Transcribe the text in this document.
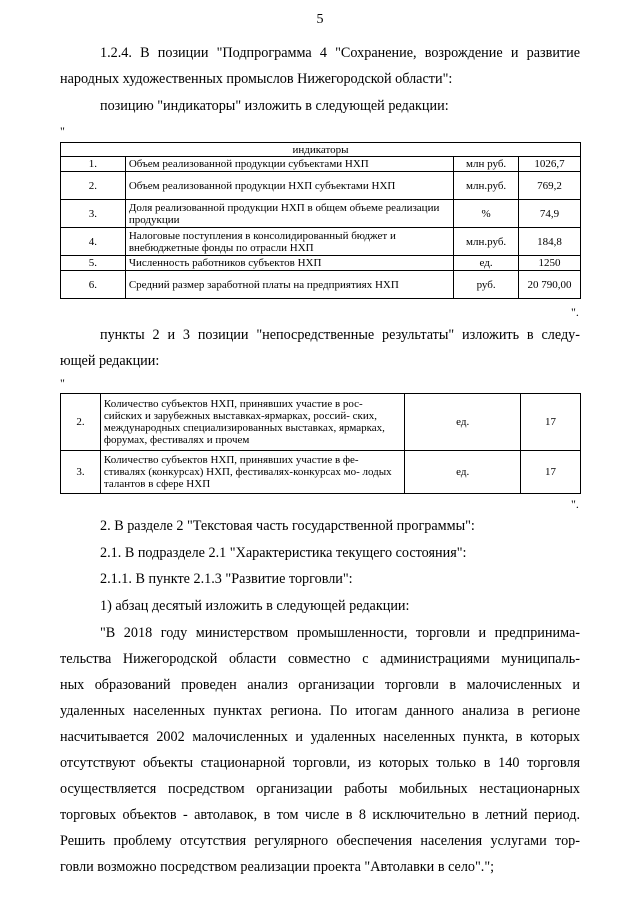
5

1.2.4. В позиции "Подпрограмма 4 "Сохранение, возрождение и развитие

народных художественных промыслов Нижегородской области":

позицию "индикаторы" изложить в следующей редакции:

"
индикаторы			
1.	Объем реализованной продукции субъектами НХП	млн руб.	1026,7
2.	Объем реализованной продукции НХП субъектами НХП	млн.руб.	769,2
3.	Доля реализованной продукции НХП в общем объеме реализации продукции	%	74,9
4.	Налоговые поступления в консолидированный бюджет и внебюджетные фонды по отрасли НХП	млн.руб.	184,8
5.	Численность работников субъектов НХП	ед.	1250
6.	Средний размер заработной платы на предприятиях НХП	руб.	20 790,00
".

пункты 2 и 3 позиции "непосредственные результаты" изложить в следу-

ющей редакции:

"
2.	Количество субъектов НХП, принявших участие в рос- сийских и зарубежных выставках-ярмарках, россий- ских, международных специализированных выставках, ярмарках, форумах, фестивалях и прочем	ед.	17
3.	Количество субъектов НХП, принявших участие в фе- стивалях (конкурсах) НХП, фестивалях-конкурсах мо- лодых талантов в сфере НХП	ед.	17
".

2. В разделе 2 "Текстовая часть государственной программы":

2.1. В подразделе 2.1 "Характеристика текущего состояния":

2.1.1. В пункте 2.1.3 "Развитие торговли":

1) абзац десятый изложить в следующей редакции:

"В 2018 году министерством промышленности, торговли и предпринима-

тельства Нижегородской области совместно с администрациями муниципаль-

ных образований проведен анализ организации торговли в малочисленных и

удаленных населенных пунктах региона. По итогам данного анализа в регионе

насчитывается 2002 малочисленных и удаленных населенных пункта, в которых

отсутствуют объекты стационарной торговли, из которых только в 140 торговля

осуществляется посредством организации работы мобильных нестационарных

торговых объектов - автолавок, в том числе в 8 исключительно в летний период.

Решить проблему отсутствия регулярного обеспечения населения услугами тор-

говли возможно посредством реализации проекта "Автолавки в село".";
